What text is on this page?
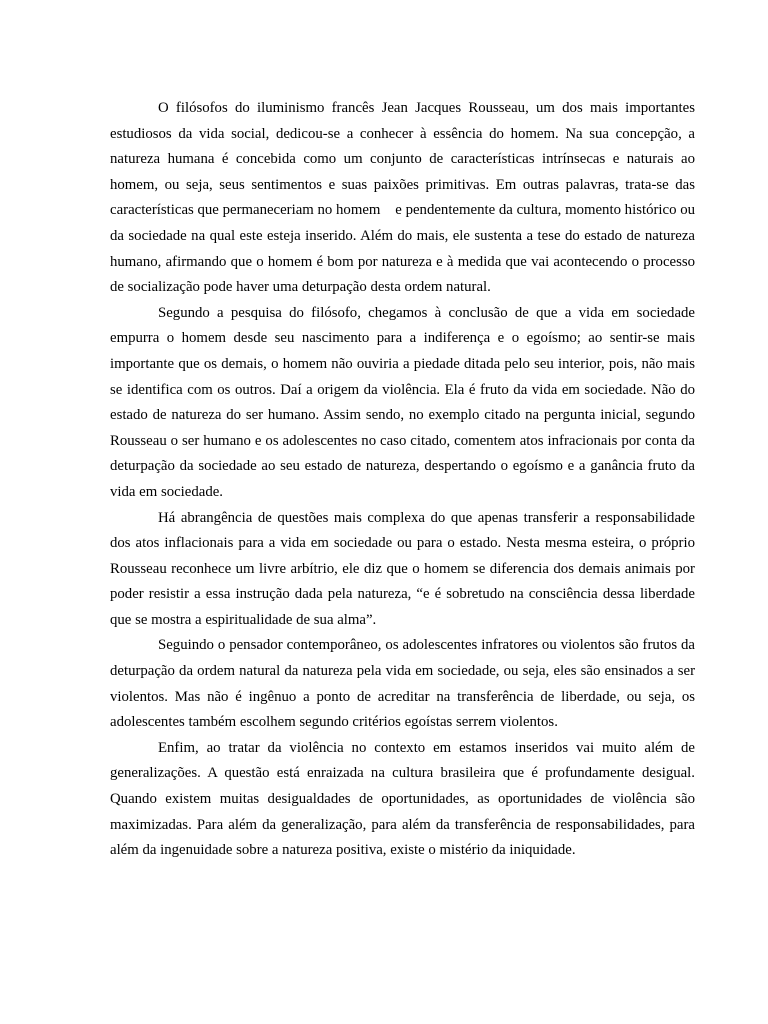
O filósofos do iluminismo francês Jean Jacques Rousseau, um dos mais importantes estudiosos da vida social, dedicou-se a conhecer à essência do homem. Na sua concepção, a natureza humana é concebida como um conjunto de características intrínsecas e naturais ao homem, ou seja, seus sentimentos e suas paixões primitivas. Em outras palavras, trata-se das características que permaneceriam no homem    e pendentemente da cultura, momento histórico ou da sociedade na qual este esteja inserido. Além do mais, ele sustenta a tese do estado de natureza humano, afirmando que o homem é bom por natureza e à medida que vai acontecendo o processo de socialização pode haver uma deturpação desta ordem natural.

Segundo a pesquisa do filósofo, chegamos à conclusão de que a vida em sociedade empurra o homem desde seu nascimento para a indiferença e o egoísmo; ao sentir-se mais importante que os demais, o homem não ouviria a piedade ditada pelo seu interior, pois, não mais se identifica com os outros. Daí a origem da violência. Ela é fruto da vida em sociedade. Não do estado de natureza do ser humano. Assim sendo, no exemplo citado na pergunta inicial, segundo Rousseau o ser humano e os adolescentes no caso citado, comentem atos infracionais por conta da deturpação da sociedade ao seu estado de natureza, despertando o egoísmo e a ganância fruto da vida em sociedade.

Há abrangência de questões mais complexa do que apenas transferir a responsabilidade dos atos inflacionais para a vida em sociedade ou para o estado. Nesta mesma esteira, o próprio Rousseau reconhece um livre arbítrio, ele diz que o homem se diferencia dos demais animais por poder resistir a essa instrução dada pela natureza, “e é sobretudo na consciência dessa liberdade que se mostra a espiritualidade de sua alma”.

Seguindo o pensador contemporâneo, os adolescentes infratores ou violentos são frutos da deturpação da ordem natural da natureza pela vida em sociedade, ou seja, eles são ensinados a ser violentos. Mas não é ingênuo a ponto de acreditar na transferência de liberdade, ou seja, os adolescentes também escolhem segundo critérios egoístas serrem violentos.

Enfim, ao tratar da violência no contexto em estamos inseridos vai muito além de generalizações. A questão está enraizada na cultura brasileira que é profundamente desigual. Quando existem muitas desigualdades de oportunidades, as oportunidades de violência são maximizadas. Para além da generalização, para além da transferência de responsabilidades, para além da ingenuidade sobre a natureza positiva, existe o mistério da iniquidade.
